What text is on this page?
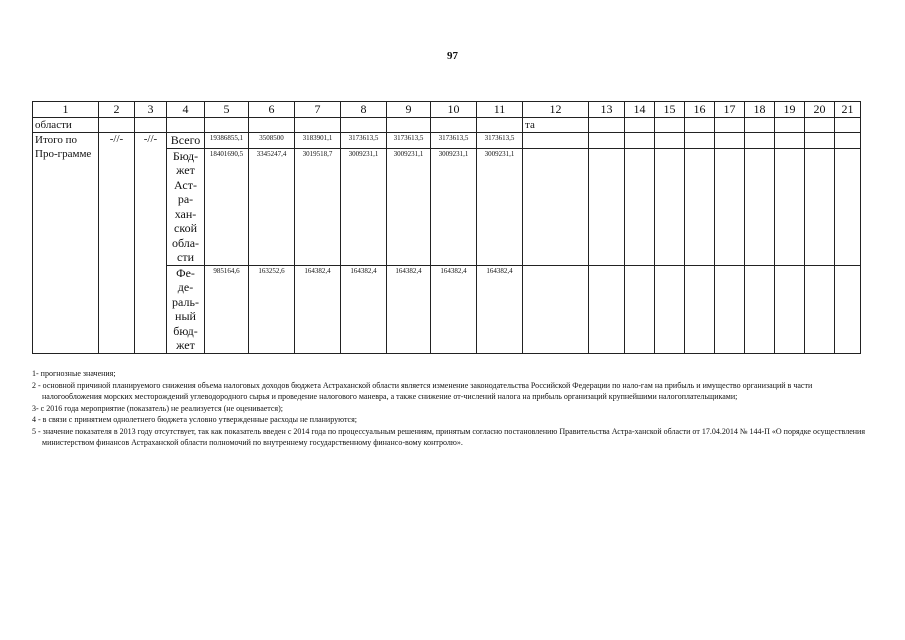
97
1	2	3	4	5	6	7	8	9	10	11	12	13	14	15	16	17	18	19	20	21
области											та									
Итого по Про-грамме	-//-	-//-	Всего	19386855,1	3508500	3183901,1	3173613,5	3173613,5	3173613,5	3173613,5										
			Бюд-жет Аст-ра-хан-ской обла-сти	18401690,5	3345247,4	3019518,7	3009231,1	3009231,1	3009231,1	3009231,1										
			Фе-де-раль-ный бюд-жет	985164,6	163252,6	164382,4	164382,4	164382,4	164382,4	164382,4										

1- прогнозные значения;

2 - основной причиной планируемого снижения объема налоговых доходов бюджета Астраханской области является изменение законодательства Российской Федерации по нало-гам на прибыль и имущество организаций в части налогообложения морских месторождений углеводородного сырья и проведение налогового маневра, а также снижение от-числений налога на прибыль организаций крупнейшими налогоплательщиками;

3- с 2016 года мероприятие (показатель) не реализуется (не оценивается);

4 - в связи с принятием однолетнего бюджета условно утвержденные расходы не планируются;

5 - значение показателя в 2013 году отсутствует, так как показатель введен с 2014 года по процессуальным решениям, принятым согласно постановлению Правительства Астра-ханской области от 17.04.2014 № 144-П «О порядке осуществления министерством финансов Астраханской области полномочий по внутреннему государственному финансо-вому контролю».
